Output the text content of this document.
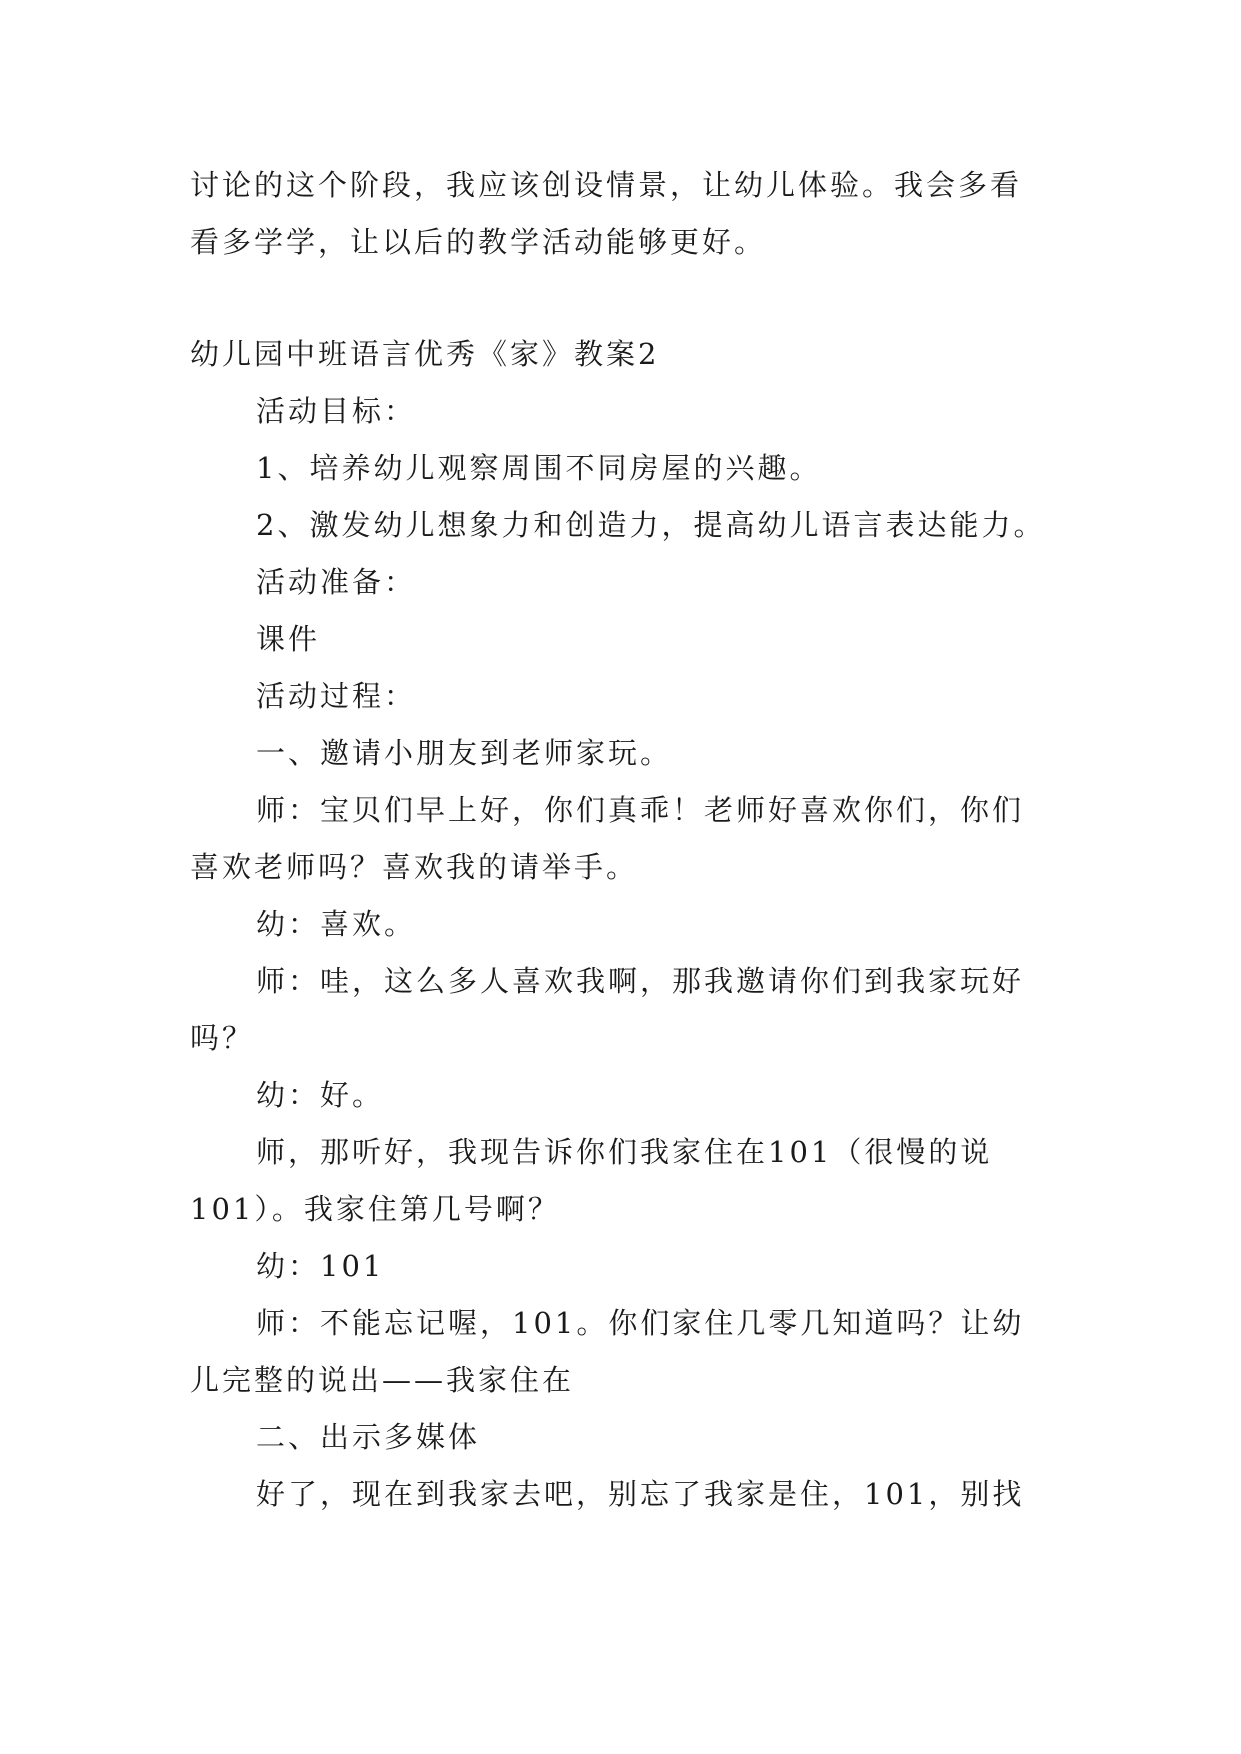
讨论的这个阶段，我应该创设情景，让幼儿体验。我会多看
看多学学，让以后的教学活动能够更好。
幼儿园中班语言优秀《家》教案2
活动目标：
1、培养幼儿观察周围不同房屋的兴趣。
2、激发幼儿想象力和创造力，提高幼儿语言表达能力。
活动准备：
课件
活动过程：
一、邀请小朋友到老师家玩。
师：宝贝们早上好，你们真乖！老师好喜欢你们，你们
喜欢老师吗？喜欢我的请举手。
幼：喜欢。
师：哇，这么多人喜欢我啊，那我邀请你们到我家玩好
吗？
幼：好。
师，那听好，我现告诉你们我家住在101（很慢的说
101）。我家住第几号啊？
幼：101
师：不能忘记喔，101。你们家住几零几知道吗？让幼
儿完整的说出——我家住在
二、出示多媒体
好了，现在到我家去吧，别忘了我家是住，101，别找
